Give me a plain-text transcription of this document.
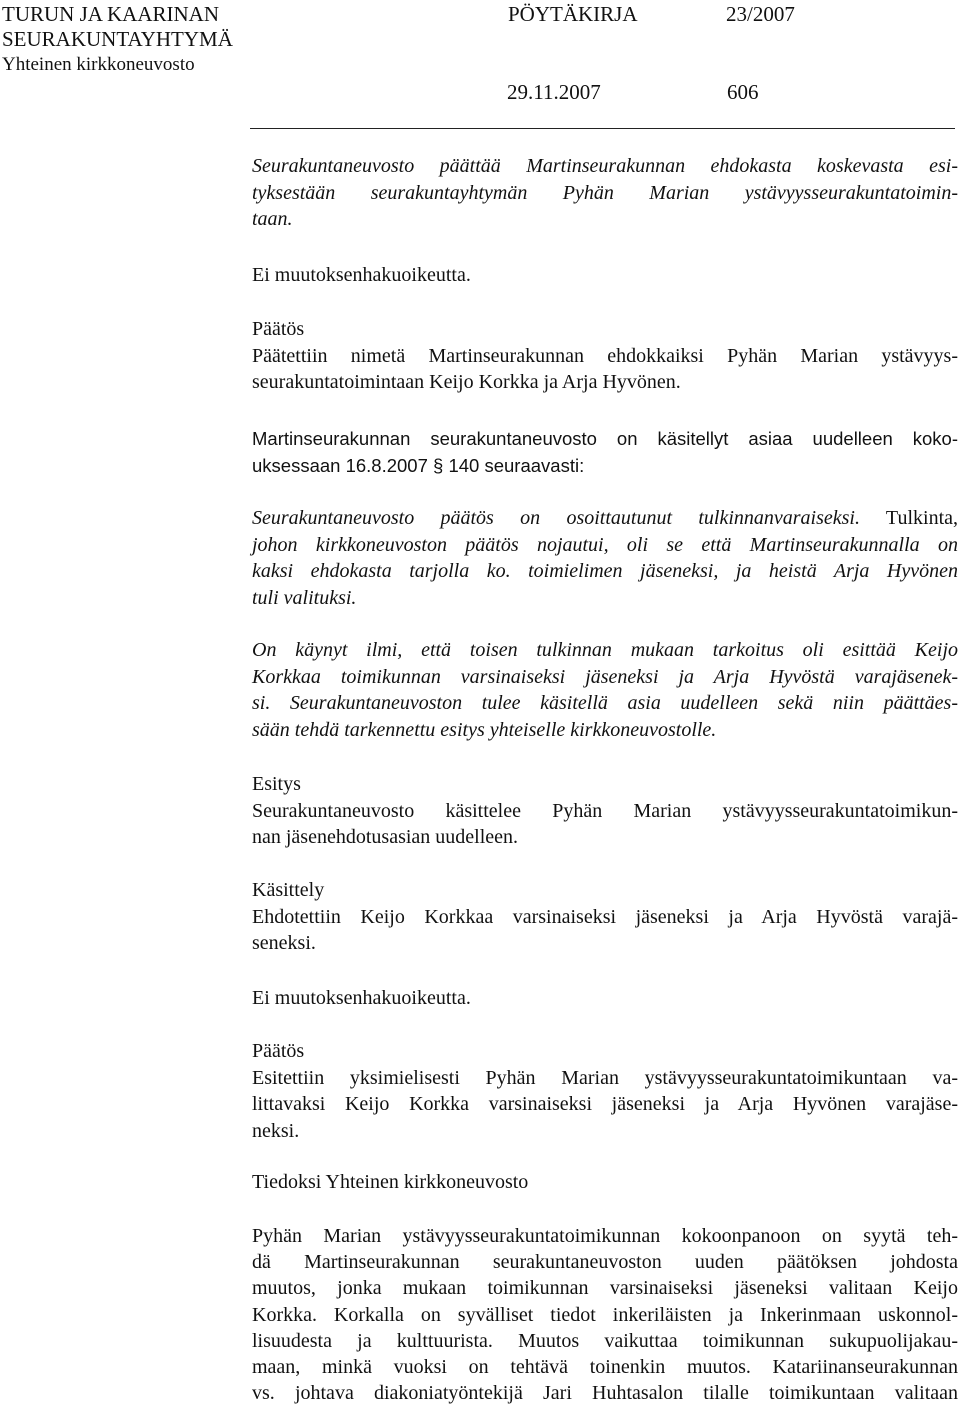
TURUN JA KAARINAN
SEURAKUNTAYHTYMÄ
Yhteinen kirkkoneuvosto
PÖYTÄKIRJA	23/2007
29.11.2007	606
Seurakuntaneuvosto päättää Martinseurakunnan ehdokasta koskevasta esi-
tyksestään seurakuntayhtymän Pyhän Marian ystävyysseurakuntatoimin-
taan.
Ei muutoksenhakuoikeutta.
Päätös
Päätettiin nimetä Martinseurakunnan ehdokkaiksi Pyhän Marian ystävyys-
seurakuntatoimintaan Keijo Korkka ja Arja Hyvönen.
Martinseurakunnan seurakuntaneuvosto on käsitellyt asiaa uudelleen koko-
uksessaan 16.8.2007 § 140 seuraavasti:
Seurakuntaneuvosto päätös on osoittautunut tulkinnanvaraiseksi. Tulkinta,
johon kirkkoneuvoston päätös nojautui, oli se että Martinseurakunnalla on
kaksi ehdokasta tarjolla ko. toimielimen jäseneksi, ja heistä Arja Hyvönen
tuli valituksi.
On käynyt ilmi, että toisen tulkinnan mukaan tarkoitus oli esittää Keijo
Korkkaa toimikunnan varsinaiseksi jäseneksi ja Arja Hyvöstä varajäsenek-
si. Seurakuntaneuvoston tulee käsitellä asia uudelleen sekä niin päättäes-
sään tehdä tarkennettu esitys yhteiselle kirkkoneuvostolle.
Esitys
Seurakuntaneuvosto käsittelee Pyhän Marian ystävyysseurakuntatoimikun-
nan jäsenehdotusasian uudelleen.
Käsittely
Ehdotettiin Keijo Korkkaa varsinaiseksi jäseneksi ja Arja Hyvöstä varajä-
seneksi.
Ei muutoksenhakuoikeutta.
Päätös
Esitettiin yksimielisesti Pyhän Marian ystävyysseurakuntatoimikuntaan va-
littavaksi Keijo Korkka varsinaiseksi jäseneksi ja Arja Hyvönen varajäse-
neksi.
Tiedoksi Yhteinen kirkkoneuvosto
Pyhän Marian ystävyysseurakuntatoimikunnan kokoonpanoon on syytä teh-
dä Martinseurakunnan seurakuntaneuvoston uuden päätöksen johdosta
muutos, jonka mukaan toimikunnan varsinaiseksi jäseneksi valitaan Keijo
Korkka. Korkalla on syvälliset tiedot inkeriläisten ja Inkerinmaan uskonnol-
lisuudesta ja kulttuurista. Muutos vaikuttaa toimikunnan sukupuolijakau-
maan, minkä vuoksi on tehtävä toinenkin muutos. Katariinanseurakunnan
vs. johtava diakoniatyöntekijä Jari Huhtasalon tilalle toimikuntaan valitaan
